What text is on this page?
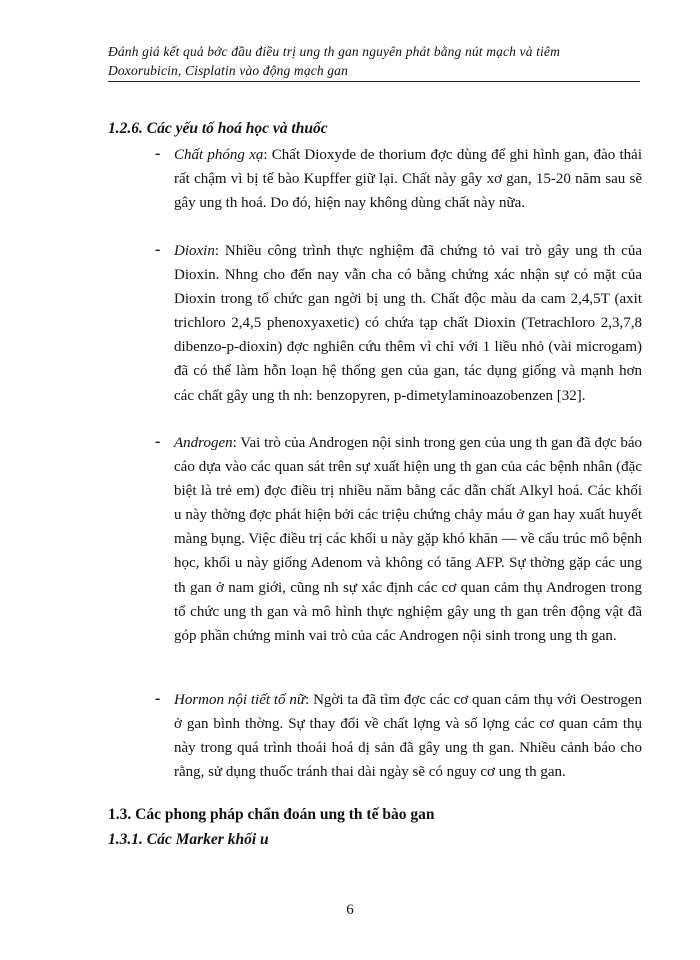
Đánh giá kết quả bớc đầu điều trị ung th gan nguyên phát bằng nút mạch và tiêm
Doxorubicin, Cisplatin vào động mạch gan
1.2.6. Các yếu tố hoá học và thuốc
- Chất phóng xạ: Chất Dioxyde de thorium đợc dùng để ghi hình gan, đào thải rất chậm vì bị tế bào Kupffer giữ lại. Chất này gây xơ gan, 15-20 năm sau sẽ gây ung th hoá. Do đó, hiện nay không dùng chất này nữa.
- Dioxin: Nhiều công trình thực nghiệm đã chứng tỏ vai trò gây ung th của Dioxin. Nhng cho đến nay vẫn cha có bằng chứng xác nhận sự có mặt của Dioxin trong tổ chức gan ngời bị ung th. Chất độc màu da cam 2,4,5T (axit trichloro 2,4,5 phenoxyaxetic) có chứa tạp chất Dioxin (Tetrachloro 2,3,7,8 dibenzo-p-dioxin) đợc nghiên cứu thêm vì chỉ với 1 liều nhỏ (vài microgam) đã có thể làm hỗn loạn hệ thống gen của gan, tác dụng giống và mạnh hơn các chất gây ung th nh: benzopyren, p-dimetylaminoazobenzen [32].
- Androgen: Vai trò của Androgen nội sinh trong gen của ung th gan đã đợc báo cáo dựa vào các quan sát trên sự xuất hiện ung th gan của các bệnh nhân (đặc biệt là trẻ em) đợc điều trị nhiều năm bằng các dẫn chất Alkyl hoá. Các khối u này thờng đợc phát hiện bởi các triệu chứng chảy máu ở gan hay xuất huyết màng bụng. Việc điều trị các khối u này gặp khó khăn — về cấu trúc mô bệnh học, khối u này giống Adenom và không có tăng AFP. Sự thờng gặp các ung th gan ở nam giới, cũng nh sự xác định các cơ quan cảm thụ Androgen trong tổ chức ung th gan và mô hình thực nghiệm gây ung th gan trên động vật đã góp phần chứng minh vai trò của các Androgen nội sinh trong ung th gan.
- Hormon nội tiết tố nữ: Ngời ta đã tìm đợc các cơ quan cảm thụ với Oestrogen ở gan bình thờng. Sự thay đổi về chất lợng và số lợng các cơ quan cảm thụ này trong quá trình thoái hoá dị sản đã gây ung th gan. Nhiều cảnh báo cho rằng, sử dụng thuốc tránh thai dài ngày sẽ có nguy cơ ung th gan.
1.3. Các phong pháp chẩn đoán ung th tế bào gan
1.3.1. Các Marker khối u
6
